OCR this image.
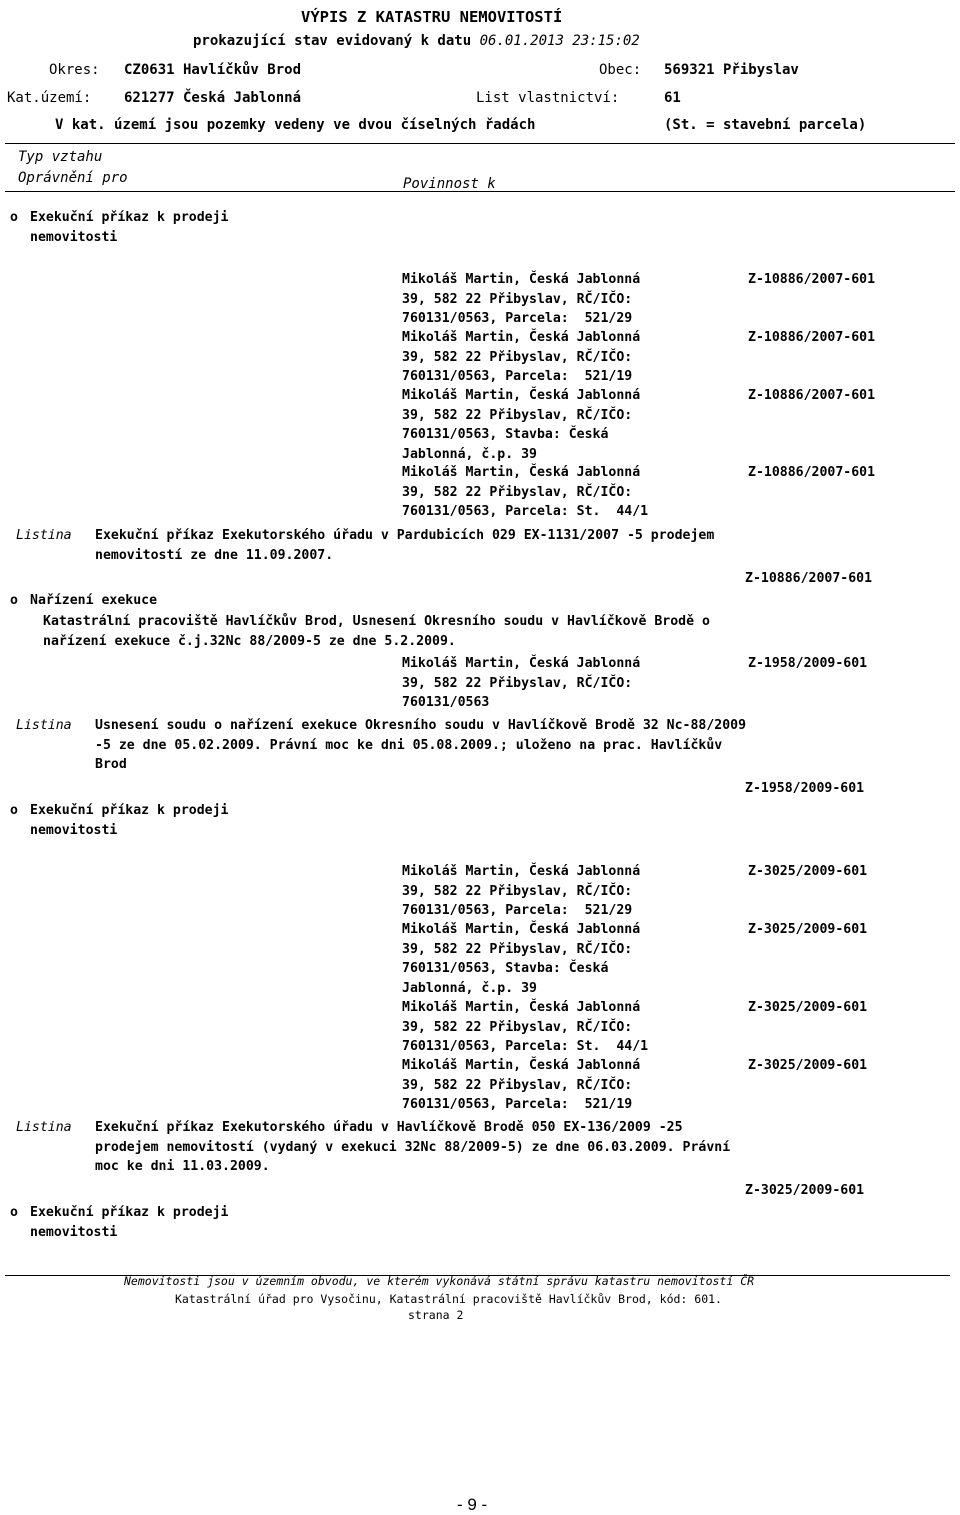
VÝPIS Z KATASTRU NEMOVITOSTÍ
prokazující stav evidovaný k datu 06.01.2013 23:15:02
Okres: CZ0631 Havlíčkův Brod	Obec: 569321 Přibyslav
Kat.území: 621277 Česká Jablonná	List vlastnictví:	61
V kat. území jsou pozemky vedeny ve dvou číselných řadách	(St. = stavební parcela)
Typ vztahu
Oprávnění pro	Povinnost k
o Exekuční příkaz k prodeji
nemovitosti
Mikoláš Martin, Česká Jablonná
39, 582 22 Přibyslav, RČ/IČO:
760131/0563, Parcela:  521/29
Z-10886/2007-601
Mikoláš Martin, Česká Jablonná
39, 582 22 Přibyslav, RČ/IČO:
760131/0563, Parcela:  521/19
Z-10886/2007-601
Mikoláš Martin, Česká Jablonná
39, 582 22 Přibyslav, RČ/IČO:
760131/0563, Stavba: Česká
Jablonná, č.p. 39
Z-10886/2007-601
Mikoláš Martin, Česká Jablonná
39, 582 22 Přibyslav, RČ/IČO:
760131/0563, Parcela: St.  44/1
Z-10886/2007-601
Listina Exekuční příkaz Exekutorského úřadu v Pardubicích 029 EX-1131/2007 -5 prodejem
nemovitostí ze dne 11.09.2007.
Z-10886/2007-601
o Nařízení exekuce
Katastrální pracoviště Havlíčkův Brod, Usnesení Okresního soudu v Havlíčkově Brodě o
nařízení exekuce č.j.32Nc 88/2009-5 ze dne 5.2.2009.
Mikoláš Martin, Česká Jablonná
39, 582 22 Přibyslav, RČ/IČO:
760131/0563
Z-1958/2009-601
Listina Usnesení soudu o nařízení exekuce Okresního soudu v Havlíčkově Brodě 32 Nc-88/2009
-5 ze dne 05.02.2009. Právní moc ke dni 05.08.2009.; uloženo na prac. Havlíčkův
Brod
Z-1958/2009-601
o Exekuční příkaz k prodeji
nemovitosti
Mikoláš Martin, Česká Jablonná
39, 582 22 Přibyslav, RČ/IČO:
760131/0563, Parcela:  521/29
Z-3025/2009-601
Mikoláš Martin, Česká Jablonná
39, 582 22 Přibyslav, RČ/IČO:
760131/0563, Stavba: Česká
Jablonná, č.p. 39
Z-3025/2009-601
Mikoláš Martin, Česká Jablonná
39, 582 22 Přibyslav, RČ/IČO:
760131/0563, Parcela: St.  44/1
Z-3025/2009-601
Mikoláš Martin, Česká Jablonná
39, 582 22 Přibyslav, RČ/IČO:
760131/0563, Parcela:  521/19
Z-3025/2009-601
Listina Exekuční příkaz Exekutorského úřadu v Havlíčkově Brodě 050 EX-136/2009 -25
prodejem nemovitostí (vydaný v exekuci 32Nc 88/2009-5) ze dne 06.03.2009. Právní
moc ke dni 11.03.2009.
Z-3025/2009-601
o Exekuční příkaz k prodeji
nemovitosti
Nemovitosti jsou v územním obvodu, ve kterém vykonává státní správu katastru nemovitostí ČR
Katastrální úřad pro Vysočinu, Katastrální pracoviště Havlíčkův Brod, kód: 601.
strana 2
- 9 -
